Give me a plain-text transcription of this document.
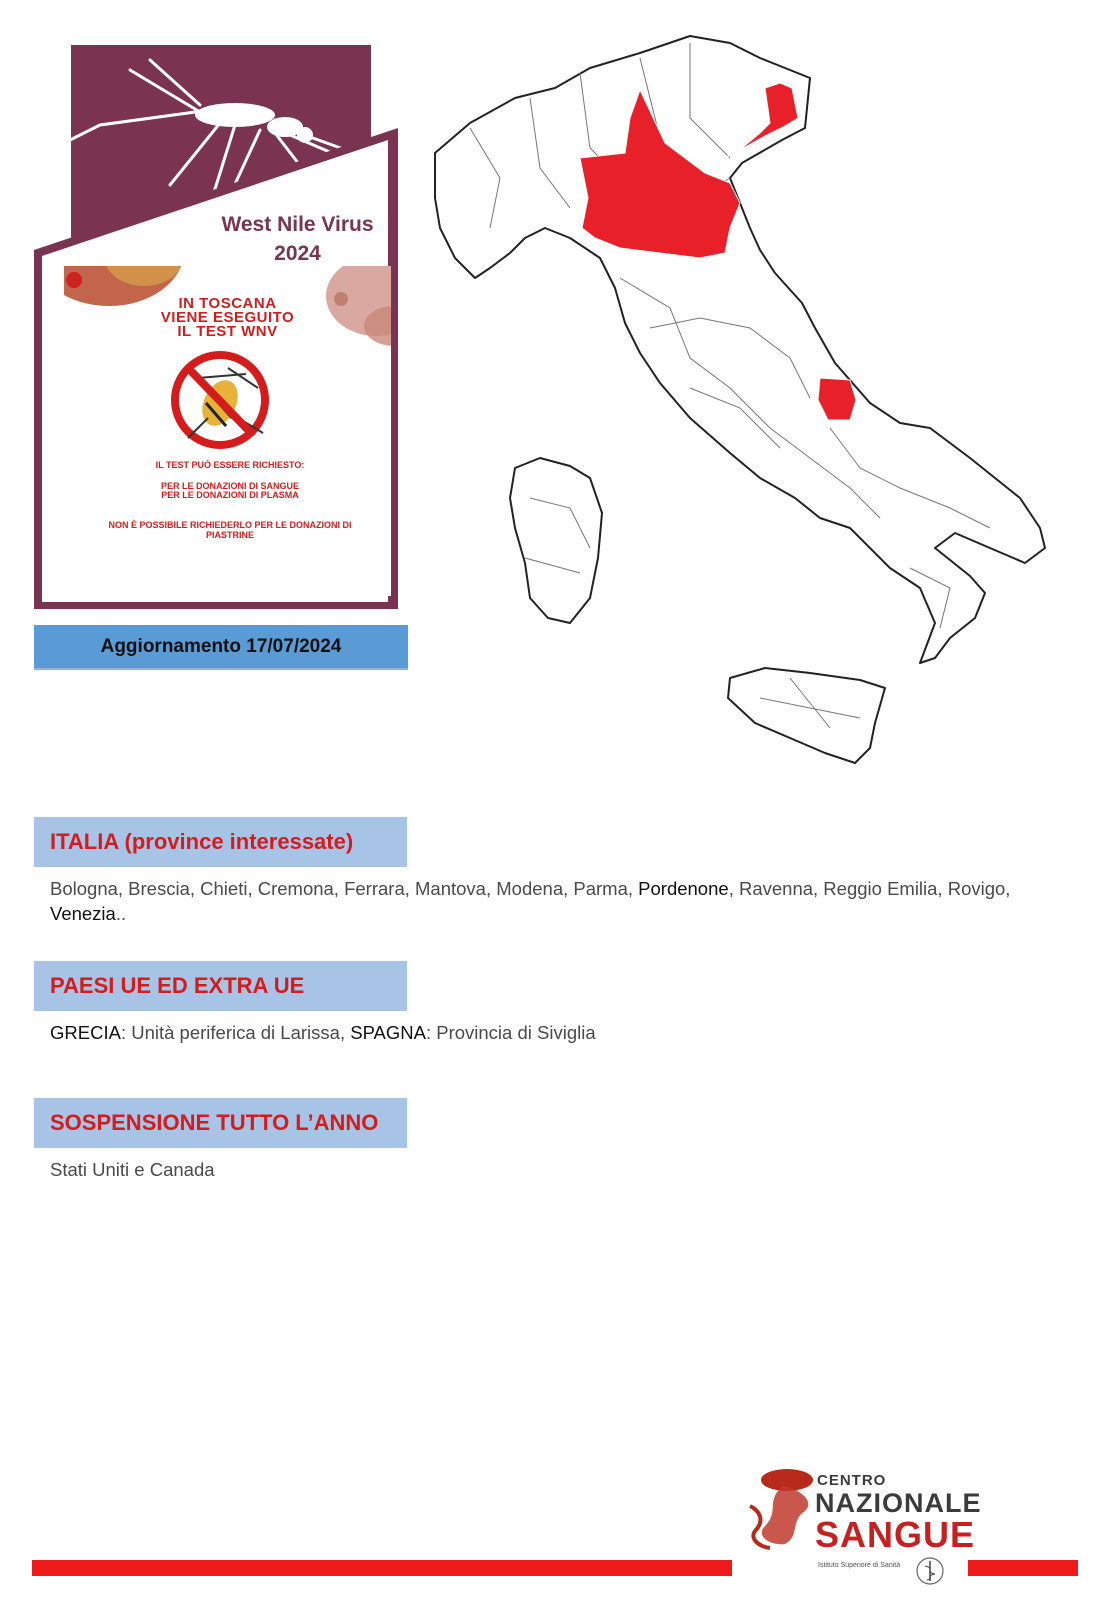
West Nile Virus
2024
IN TOSCANA
VIENE ESEGUITO
IL TEST WNV
IL TEST PUÒ ESSERE RICHIESTO:
PER LE DONAZIONI DI SANGUE
PER LE DONAZIONI DI PLASMA
NON È POSSIBILE RICHIEDERLO PER LE DONAZIONI DI
PIASTRINE
Aggiornamento 17/07/2024
ITALIA (province interessate)
Bologna, Brescia, Chieti, Cremona, Ferrara, Mantova, Modena, Parma, Pordenone, Ravenna, Reggio Emilia, Rovigo, Venezia..
PAESI UE ED EXTRA UE
GRECIA: Unità periferica di Larissa, SPAGNA: Provincia di Siviglia
SOSPENSIONE TUTTO L’ANNO
Stati Uniti e Canada
CENTRO
NAZIONALE
SANGUE
Istituto Superiore di Sanità
